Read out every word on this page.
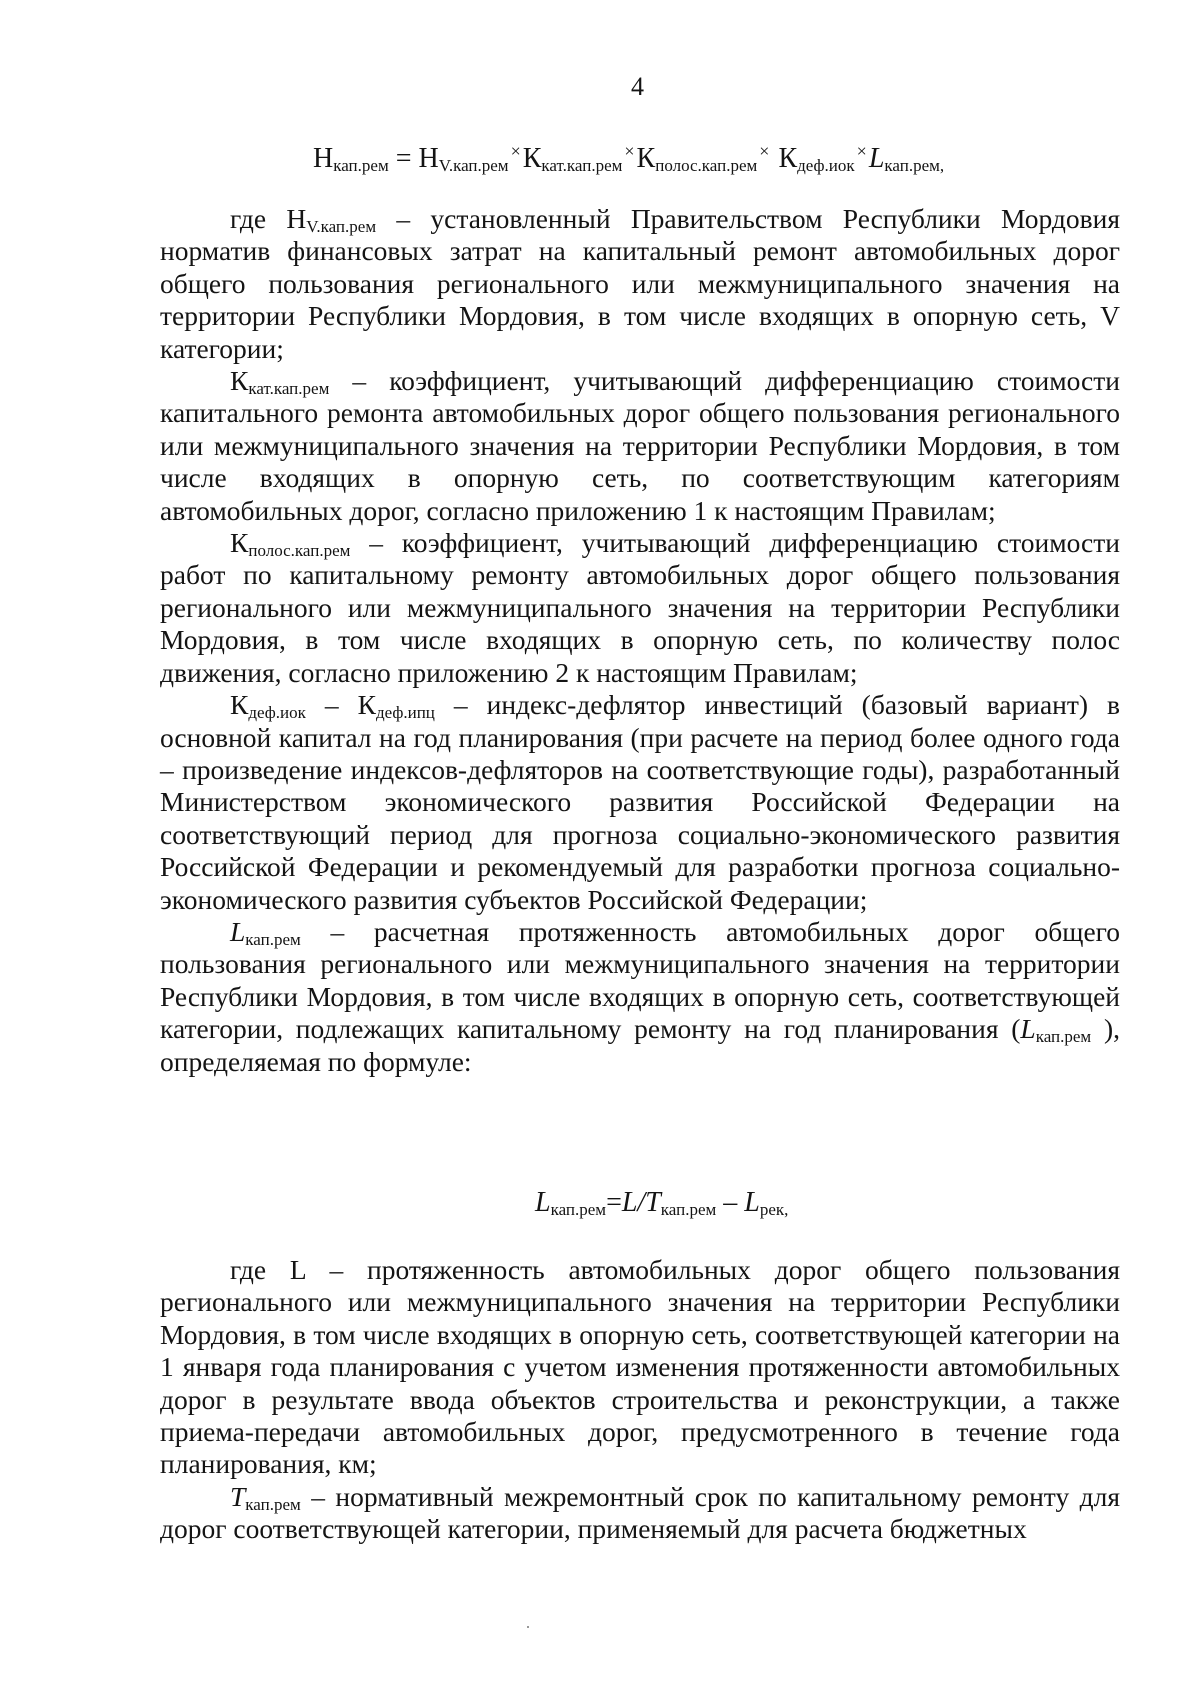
4
$Н_{кап.рем} = Н_{V.кап.рем}^\times К_{кат.кап.рем}^\times К_{полос.кап.рем}^\times$ $К_{деф.иок}^\times L_{кап.рем,}$

где $Н_{V.кап.рем}$ – установленный Правительством Республики Мордовия норматив финансовых затрат на капитальный ремонт автомобильных дорог общего пользования регионального или межмуниципального значения на территории Республики Мордовия, в том числе входящих в опорную сеть, V категории;

$К_{кат.кап.рем}$ – коэффициент, учитывающий дифференциацию стоимости капитального ремонта автомобильных дорог общего пользования регионального или межмуниципального значения на территории Республики Мордовия, в том числе входящих в опорную сеть, по соответствующим категориям автомобильных дорог, согласно приложению 1 к настоящим Правилам;

$К_{полос.кап.рем}$ – коэффициент, учитывающий дифференциацию стоимости работ по капитальному ремонту автомобильных дорог общего пользования регионального или межмуниципального значения на территории Республики Мордовия, в том числе входящих в опорную сеть, по количеству полос движения, согласно приложению 2 к настоящим Правилам;

$К_{деф.иок} - К_{деф.ипц}$ – индекс-дефлятор инвестиций (базовый вариант) в основной капитал на год планирования (при расчете на период более одного года – произведение индексов-дефляторов на соответствующие годы), разработанный Министерством экономического развития Российской Федерации на соответствующий период для прогноза социально-экономического развития Российской Федерации и рекомендуемый для разработки прогноза социально-экономического развития субъектов Российской Федерации;

$L_{кап.рем}$ – расчетная протяженность автомобильных дорог общего пользования регионального или межмуниципального значения на территории Республики Мордовия, в том числе входящих в опорную сеть, соответствующей категории, подлежащих капитальному ремонту на год планирования ($L_{кап.рем}$ ), определяемая по формуле:

$L_{кап.рем}=L/T_{кап.рем} - L_{рек,}$

где L – протяженность автомобильных дорог общего пользования регионального или межмуниципального значения на территории Республики Мордовия, в том числе входящих в опорную сеть, соответствующей категории на 1 января года планирования с учетом изменения протяженности автомобильных дорог в результате ввода объектов строительства и реконструкции, а также приема-передачи автомобильных дорог, предусмотренного в течение года планирования, км;

$T_{кап.рем}$ – нормативный межремонтный срок по капитальному ремонту для дорог соответствующей категории, применяемый для расчета бюджетных
